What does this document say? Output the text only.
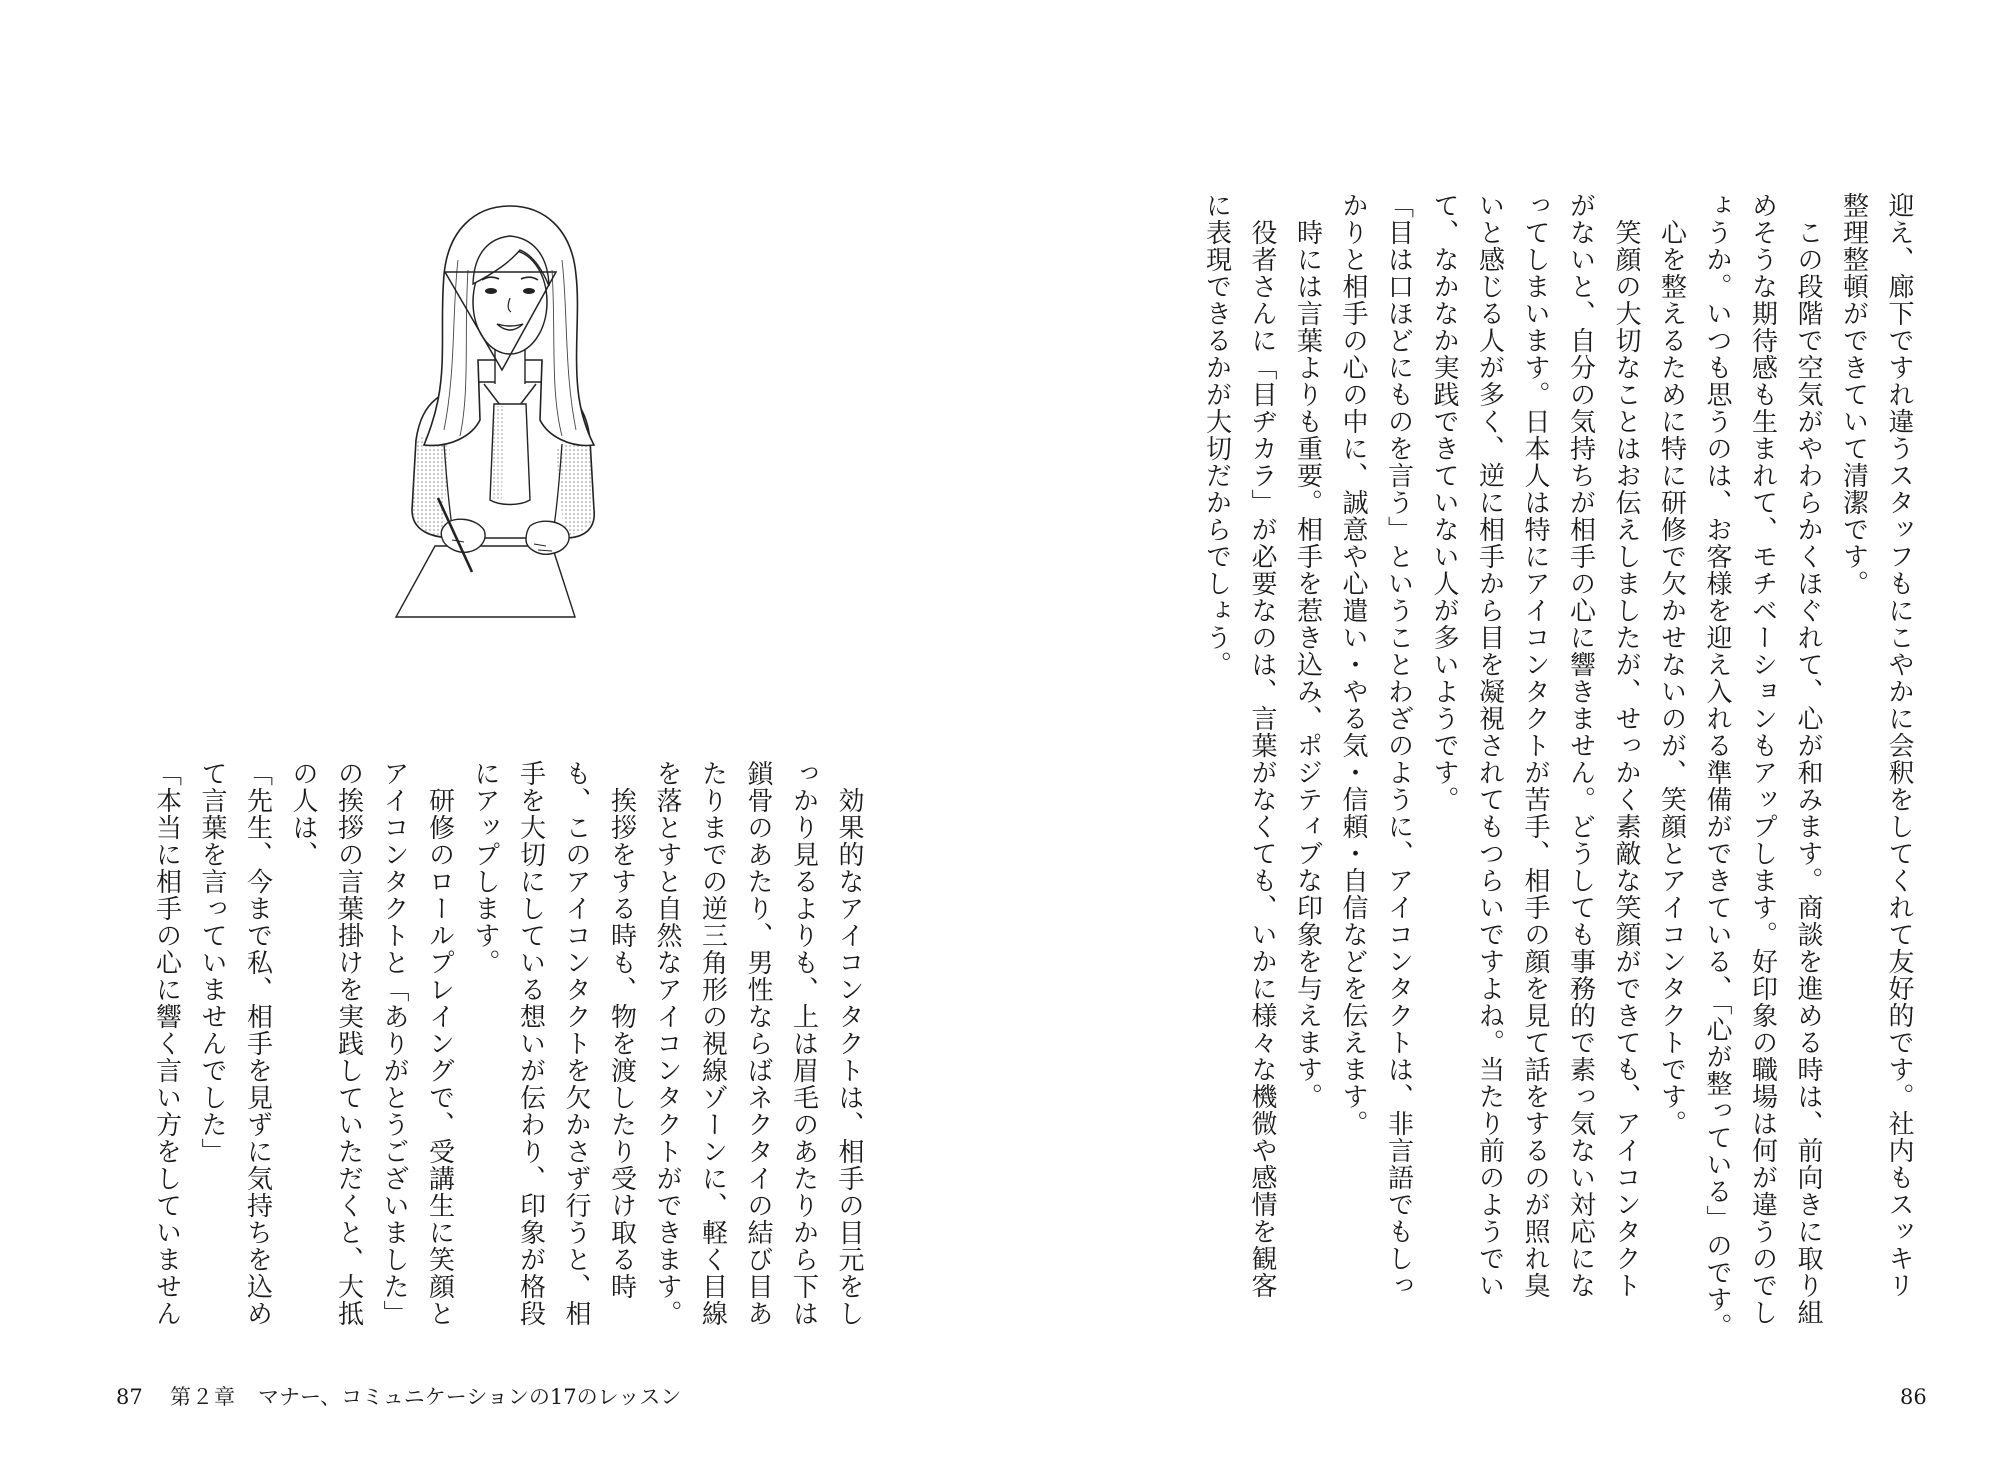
迎え、廊下ですれ違うスタッフもにこやかに会釈をしてくれて友好的です。社内もスッキリ
整理整頓ができていて清潔です。
　この段階で空気がやわらかくほぐれて、心が和みます。商談を進める時は、前向きに取り組
めそうな期待感も生まれて、モチベーションもアップします。好印象の職場は何が違うのでし
ょうか。いつも思うのは、お客様を迎え入れる準備ができている、「心が整っている」のです。
　心を整えるために特に研修で欠かせないのが、笑顔とアイコンタクトです。
　笑顔の大切なことはお伝えしましたが、せっかく素敵な笑顔ができても、アイコンタクト
がないと、自分の気持ちが相手の心に響きません。どうしても事務的で素っ気ない対応にな
ってしまいます。日本人は特にアイコンタクトが苦手、相手の顔を見て話をするのが照れ臭
いと感じる人が多く、逆に相手から目を凝視されてもつらいですよね。当たり前のようでい
て、なかなか実践できていない人が多いようです。
「目は口ほどにものを言う」ということわざのように、アイコンタクトは、非言語でもしっ
かりと相手の心の中に、誠意や心遣い・やる気・信頼・自信などを伝えます。
　時には言葉よりも重要。相手を惹き込み、ポジティブな印象を与えます。
　役者さんに「目ヂカラ」が必要なのは、言葉がなくても、いかに様々な機微や感情を観客
に表現できるかが大切だからでしょう。
　効果的なアイコンタクトは、相手の目元をし
っかり見るよりも、上は眉毛のあたりから下は
鎖骨のあたり、男性ならばネクタイの結び目あ
たりまでの逆三角形の視線ゾーンに、軽く目線
を落とすと自然なアイコンタクトができます。
　挨拶をする時も、物を渡したり受け取る時
も、このアイコンタクトを欠かさず行うと、相
手を大切にしている想いが伝わり、印象が格段
にアップします。
　研修のロールプレイングで、受講生に笑顔と
アイコンタクトと「ありがとうございました」
の挨拶の言葉掛けを実践していただくと、大抵
の人は、
「先生、今まで私、相手を見ずに気持ちを込め
て言葉を言っていませんでした」
「本当に相手の心に響く言い方をしていません
87 第２章 マナー、コミュニケーションの17のレッスン	86
